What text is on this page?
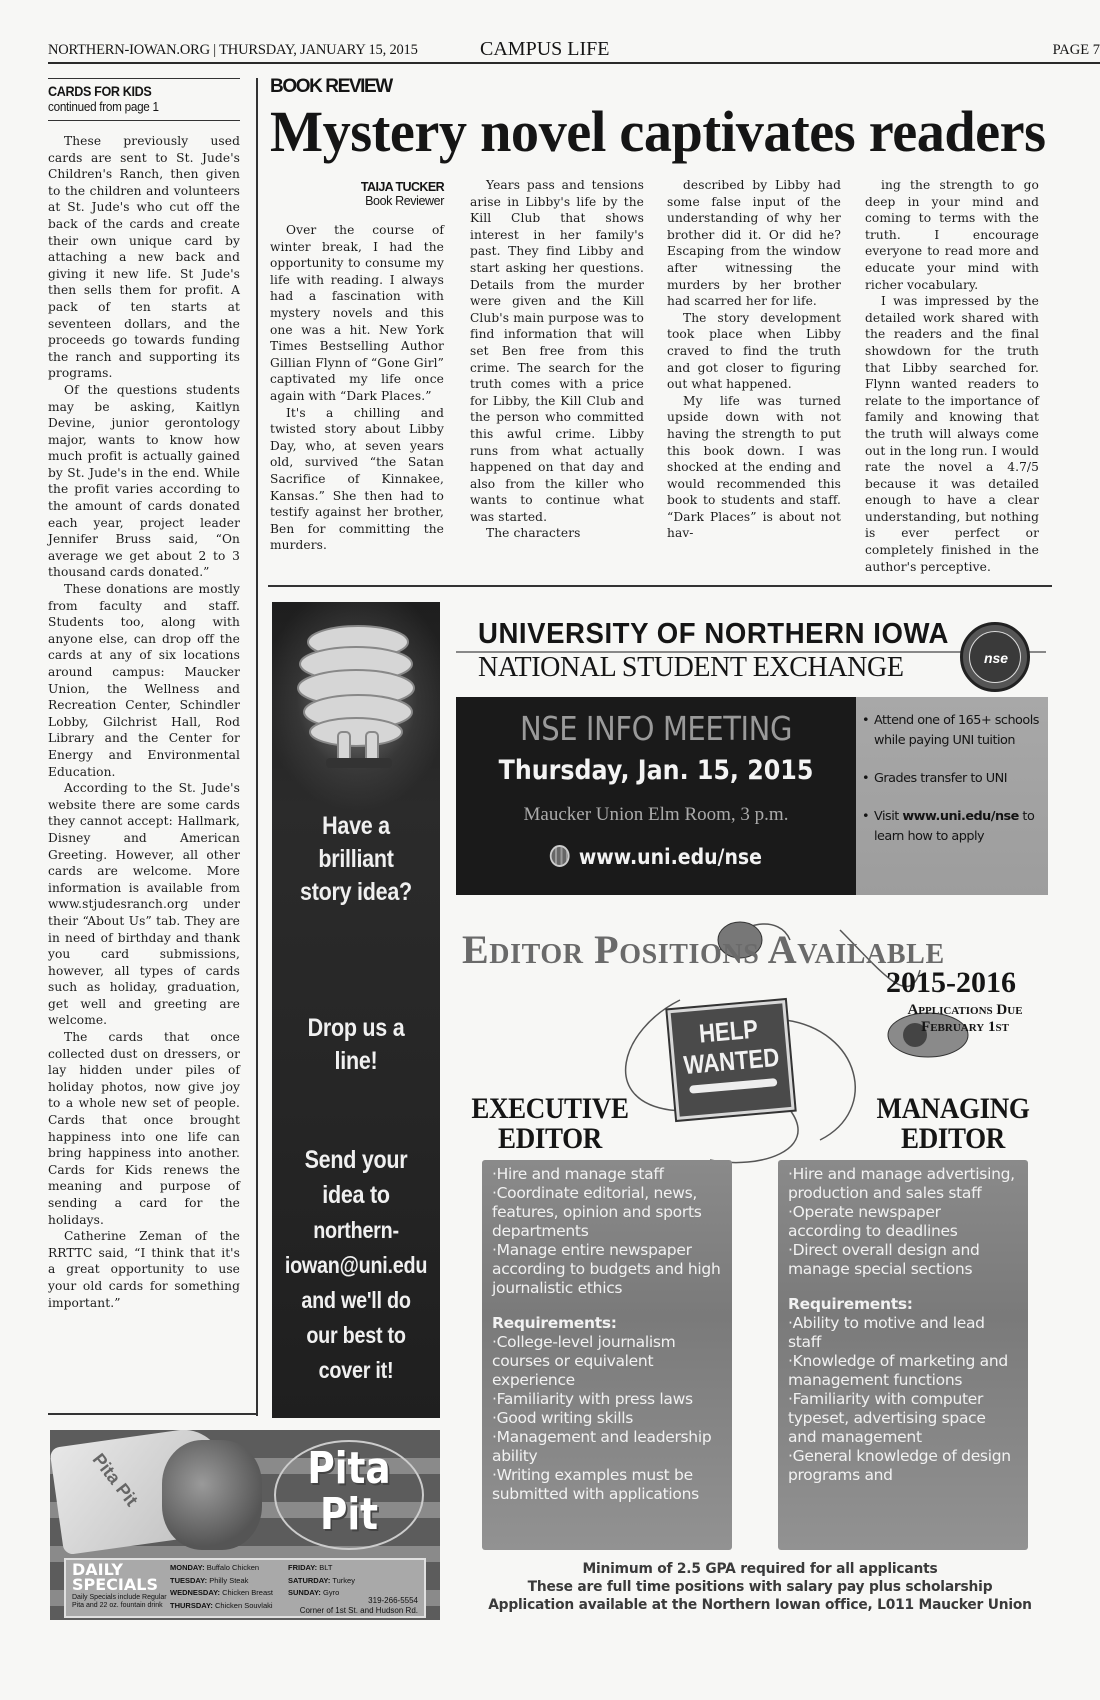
NORTHERN-IOWAN.ORG | THURSDAY, JANUARY 15, 2015	CAMPUS LIFE	PAGE 7
CARDS FOR KIDS
continued from page 1

These previously used cards are sent to St. Jude's Children's Ranch, then given to the children and volunteers at St. Jude's who cut off the back of the cards and create their own unique card by attaching a new back and giving it new life. St Jude's then sells them for profit. A pack of ten starts at seventeen dollars, and the proceeds go towards funding the ranch and supporting its programs.

Of the questions students may be asking, Kaitlyn Devine, junior gerontology major, wants to know how much profit is actually gained by St. Jude's in the end. While the profit varies according to the amount of cards donated each year, project leader Jennifer Bruss said, “On average we get about 2 to 3 thousand cards donated.”

These donations are mostly from faculty and staff. Students too, along with anyone else, can drop off the cards at any of six locations around campus: Maucker Union, the Wellness and Recreation Center, Schindler Lobby, Gilchrist Hall, Rod Library and the Center for Energy and Environmental Education.

According to the St. Jude's website there are some cards they cannot accept: Hallmark, Disney and American Greeting. However, all other cards are welcome. More information is available from www.stjudesranch.org under their “About Us” tab. They are in need of birthday and thank you card submissions, however, all types of cards such as holiday, graduation, get well and greeting are welcome.

The cards that once collected dust on dressers, or lay hidden under piles of holiday photos, now give joy to a whole new set of people. Cards that once brought happiness into one life can bring happiness into another. Cards for Kids renews the meaning and purpose of sending a card for the holidays.

Catherine Zeman of the RRTTC said, “I think that it's a great opportunity to use your old cards for something important.”

BOOK REVIEW
Mystery novel captivates readers
TAIJA TUCKER
Book Reviewer

Over the course of winter break, I had the opportunity to consume my life with reading. I always had a fascination with mystery novels and this one was a hit. New York Times Bestselling Author Gillian Flynn of “Gone Girl” captivated my life once again with “Dark Places.”

It's a chilling and twisted story about Libby Day, who, at seven years old, survived “the Satan Sacrifice of Kinnakee, Kansas.” She then had to testify against her brother, Ben for committing the murders.

Years pass and tensions arise in Libby's life by the Kill Club that shows interest in her family's past. They find Libby and start asking her questions. Details from the murder were given and the Kill Club's main purpose was to find information that will set Ben free from this crime. The search for the truth comes with a price for Libby, the Kill Club and the person who committed this awful crime. Libby runs from what actually happened on that day and also from the killer who wants to continue what was started.

The characters

described by Libby had some false input of the understanding of why her brother did it. Or did he? Escaping from the window after witnessing the murders by her brother had scarred her for life.

The story development took place when Libby craved to find the truth and got closer to figuring out what happened.

My life was turned upside down with not having the strength to put this book down. I was shocked at the ending and would recommended this book to students and staff. “Dark Places” is about not hav-

ing the strength to go deep in your mind and coming to terms with the truth. I encourage everyone to read more and educate your mind with richer vocabulary.

I was impressed by the detailed work shared with the readers and the final showdown for the truth that Libby searched for. Flynn wanted readers to relate to the importance of family and knowing that the truth will always come out in the long run. I would rate the novel a 4.7/5 because it was detailed enough to have a clear understanding, but nothing is ever perfect or completely finished in the author's perceptive.

Have a
brilliant
story idea?
Drop us a
line!
Send your
idea to
northern-
iowan@uni.edu
and we'll do
our best to
cover it!
UNIVERSITY OF NORTHERN IOWA
NATIONAL STUDENT EXCHANGE	nse
NSE INFO MEETING
Thursday, Jan. 15, 2015
Maucker Union Elm Room, 3 p.m.
www.uni.edu/nse
• Attend one of 165+ schools while paying UNI tuition
• Grades transfer to UNI
• Visit www.uni.edu/nse to learn how to apply
Editor Positions Available
2015-2016
Applications Due
February 1st
HELP
WANTED
EXECUTIVE
EDITOR
MANAGING
EDITOR
·Hire and manage staff
·Coordinate editorial, news, features, opinion and sports departments
·Manage entire newspaper according to budgets and high journalistic ethics
Requirements:
·College-level journalism courses or equivalent experience
·Familiarity with press laws
·Good writing skills
·Management and leadership ability
·Writing examples must be submitted with applications
·Hire and manage advertising, production and sales staff
·Operate newspaper according to deadlines
·Direct overall design and manage special sections
Requirements:
·Ability to motive and lead staff
·Knowledge of marketing and management functions
·Familiarity with computer typeset, advertising space and management
·General knowledge of design programs and
Minimum of 2.5 GPA required for all applicants
These are full time positions with salary pay plus scholarship
Application available at the Northern Iowan office, L011 Maucker Union
Pita Pit	Pita
Pit
DAILY
SPECIALS
Daily Specials include Regular Pita and 22 oz. fountain drink
MONDAY: Buffalo Chicken
TUESDAY: Philly Steak
WEDNESDAY: Chicken Breast
THURSDAY: Chicken Souvlaki
FRIDAY: BLT
SATURDAY: Turkey
SUNDAY: Gyro
319-266-5554
Corner of 1st St. and Hudson Rd.
